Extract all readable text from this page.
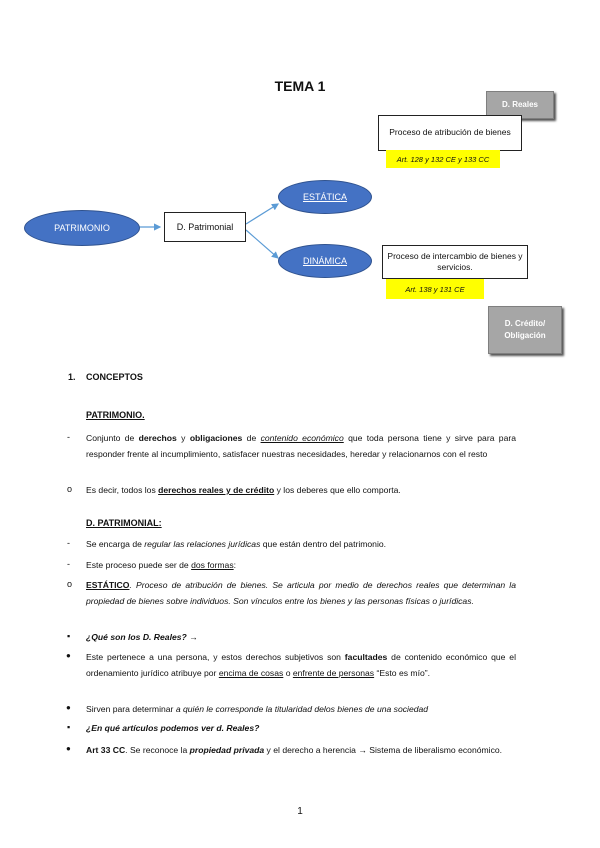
TEMA 1
PATRIMONIO	D. Patrimonial
ESTÁTICA
DINÁMICA
D. Reales
Proceso de atribución de bienes
Art. 128 y 132 CE y 133 CC
Proceso de intercambio de bienes y servicios.
Art. 138 y 131 CE
D. Crédito/
Obligación
1. CONCEPTOS
PATRIMONIO.
- Conjunto de derechos y obligaciones de contenido económico que toda persona tiene y sirve para para responder frente al incumplimiento, satisfacer nuestras necesidades, heredar y relacionarnos con el resto
o Es decir, todos los derechos reales y de crédito y los deberes que ello comporta.
D. PATRIMONIAL:
- Se encarga de regular las relaciones jurídicas que están dentro del patrimonio.
- Este proceso puede ser de dos formas:
o ESTÁTICO. Proceso de atribución de bienes. Se articula por medio de derechos reales que determinan la propiedad de bienes sobre individuos. Son vínculos entre los bienes y las personas físicas o jurídicas.
▪ ¿Qué son los D. Reales? →
● Este pertenece a una persona, y estos derechos subjetivos son facultades de contenido económico que el ordenamiento jurídico atribuye por encima de cosas o enfrente de personas “Esto es mío”.
● Sirven para determinar a quién le corresponde la titularidad delos bienes de una sociedad
▪ ¿En qué artículos podemos ver d. Reales?
● Art 33 CC. Se reconoce la propiedad privada y el derecho a herencia → Sistema de liberalismo económico.
1
